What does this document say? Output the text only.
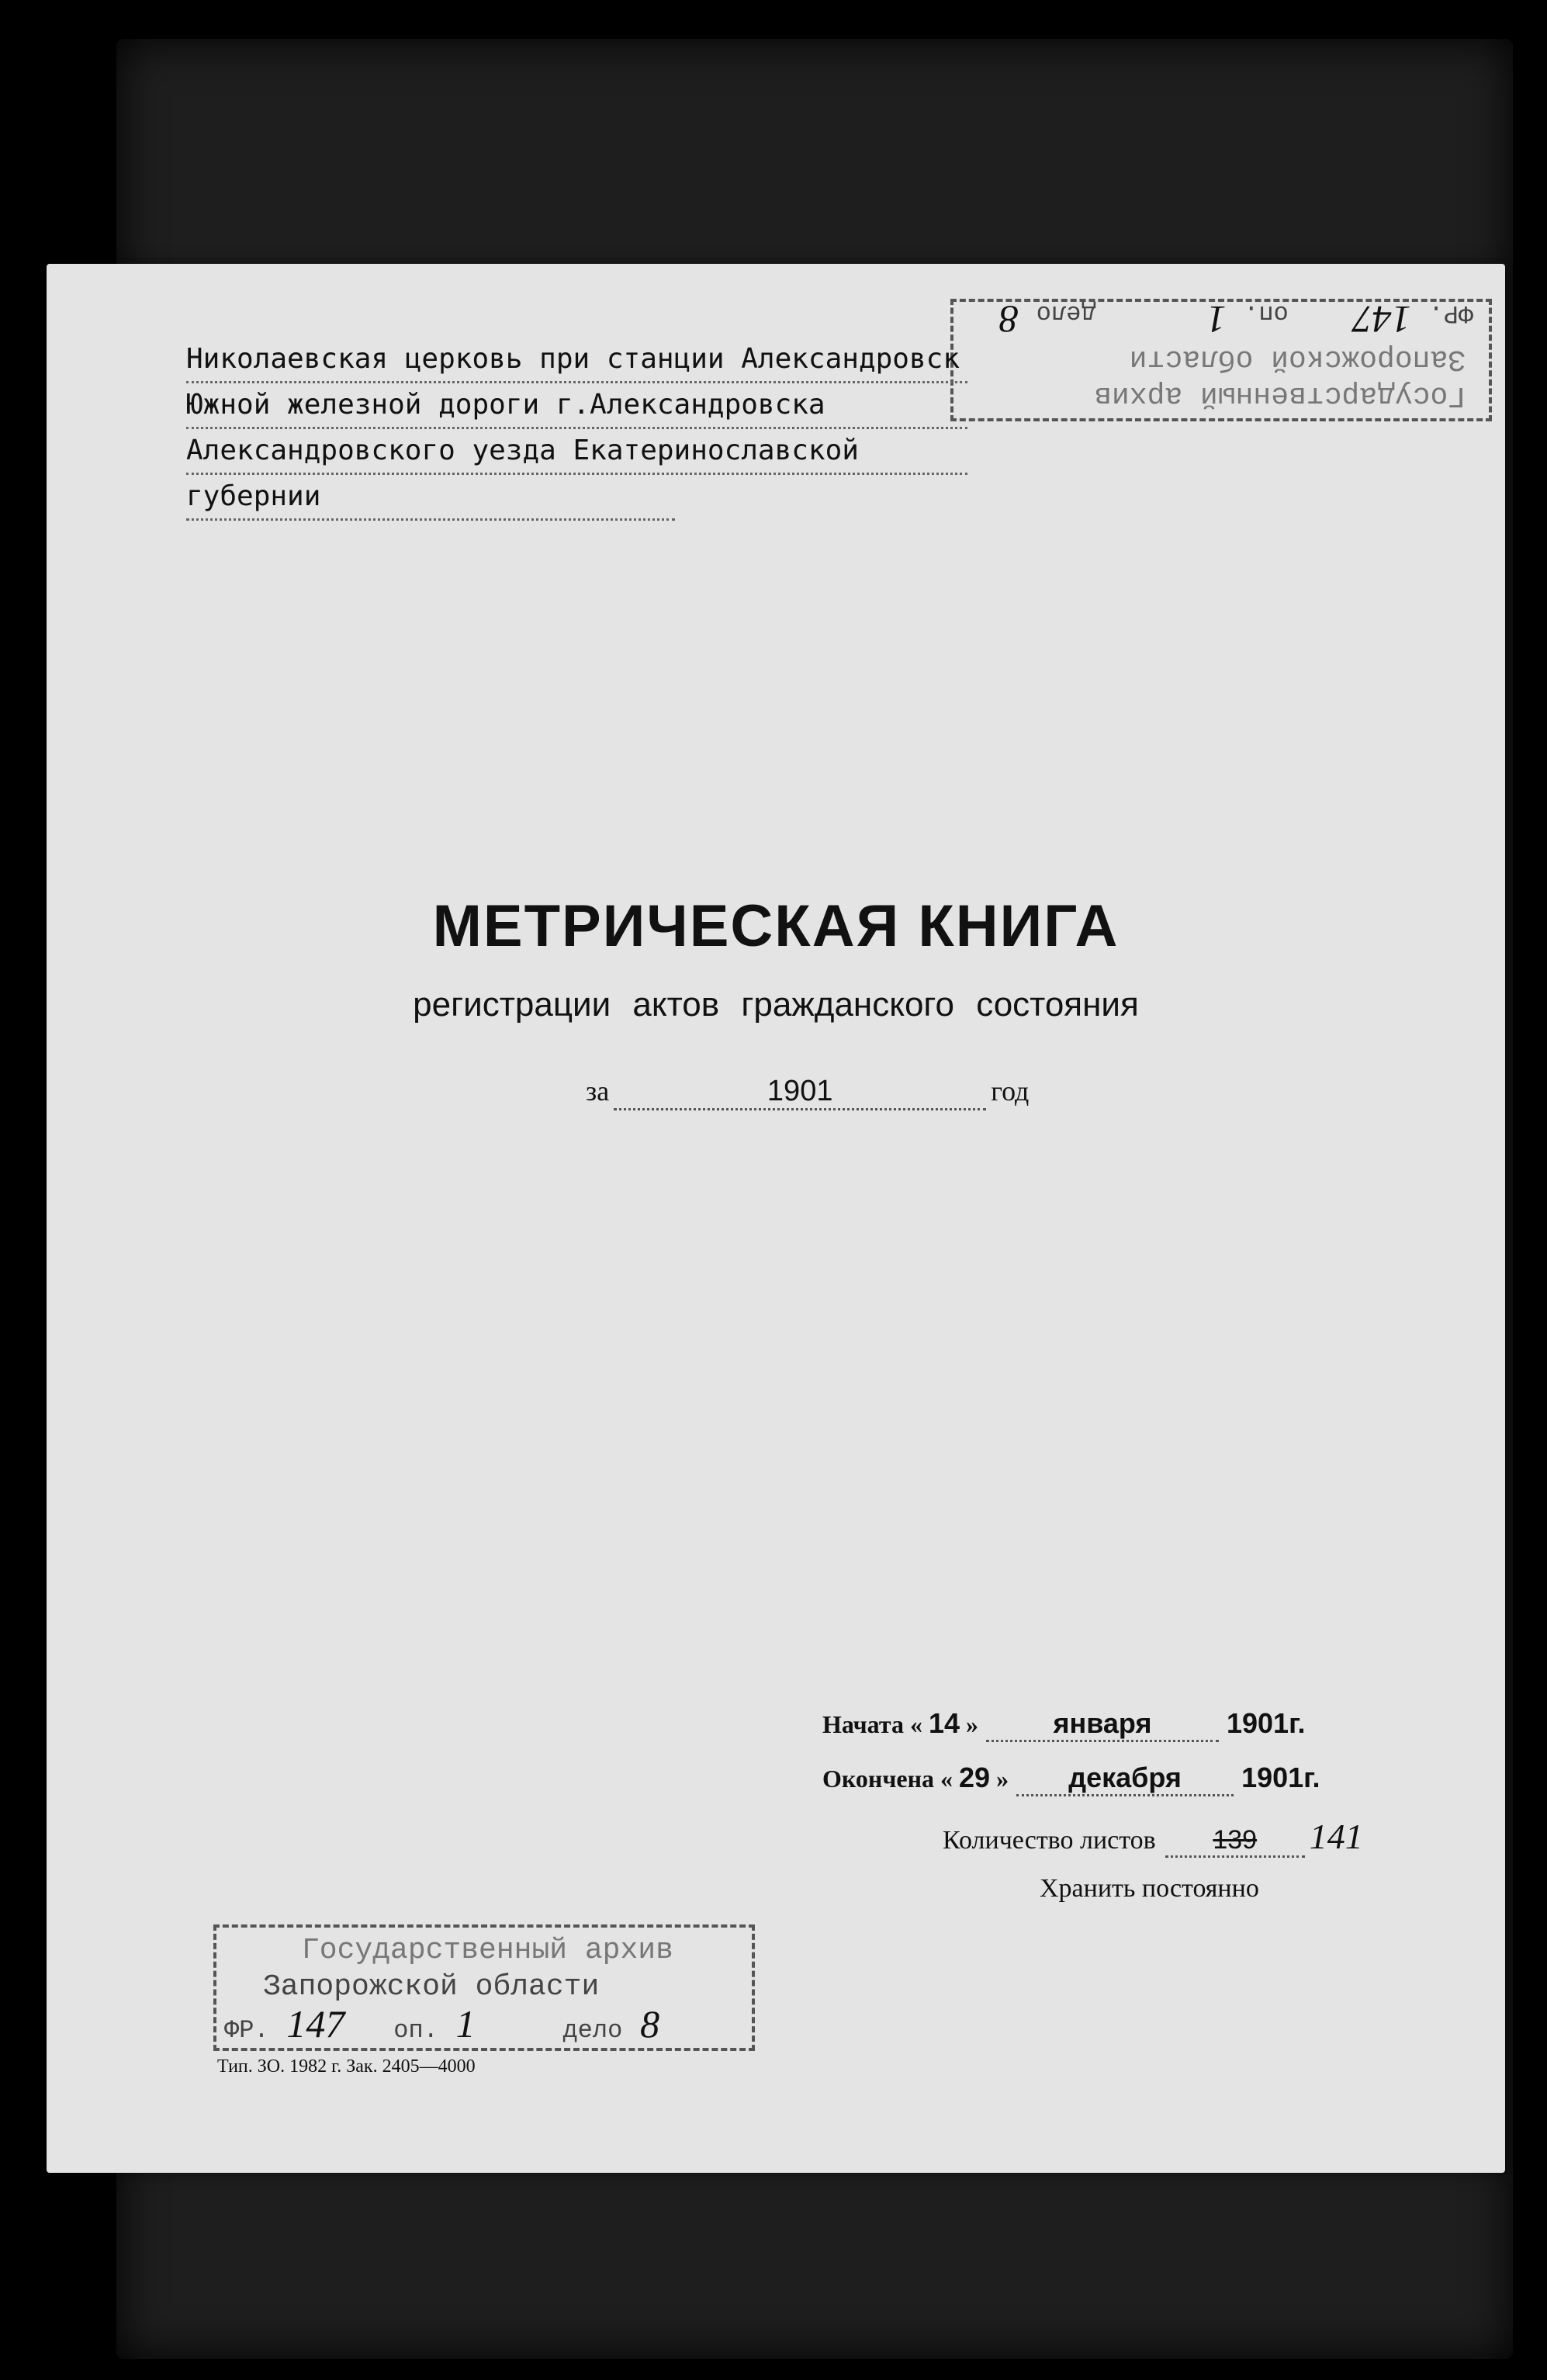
Государственный архив
Запорожской области
ФР. 147 оп. 1 дело 8
Николаевская церковь при станции Александровск
Южной железной дороги г.Александровска
Александровского уезда Екатеринославской
губернии
МЕТРИЧЕСКАЯ КНИГА
регистрации актов гражданского состояния
за	1901	год
Начата « 14 »	января	1901г.
Окончена « 29 »	декабря	1901г.
Количество листов	139	141
Хранить постоянно
Государственный архив
Запорожской области
ФР. 147 оп. 1	дело 8
Тип. ЗО. 1982 г. Зак. 2405—4000
